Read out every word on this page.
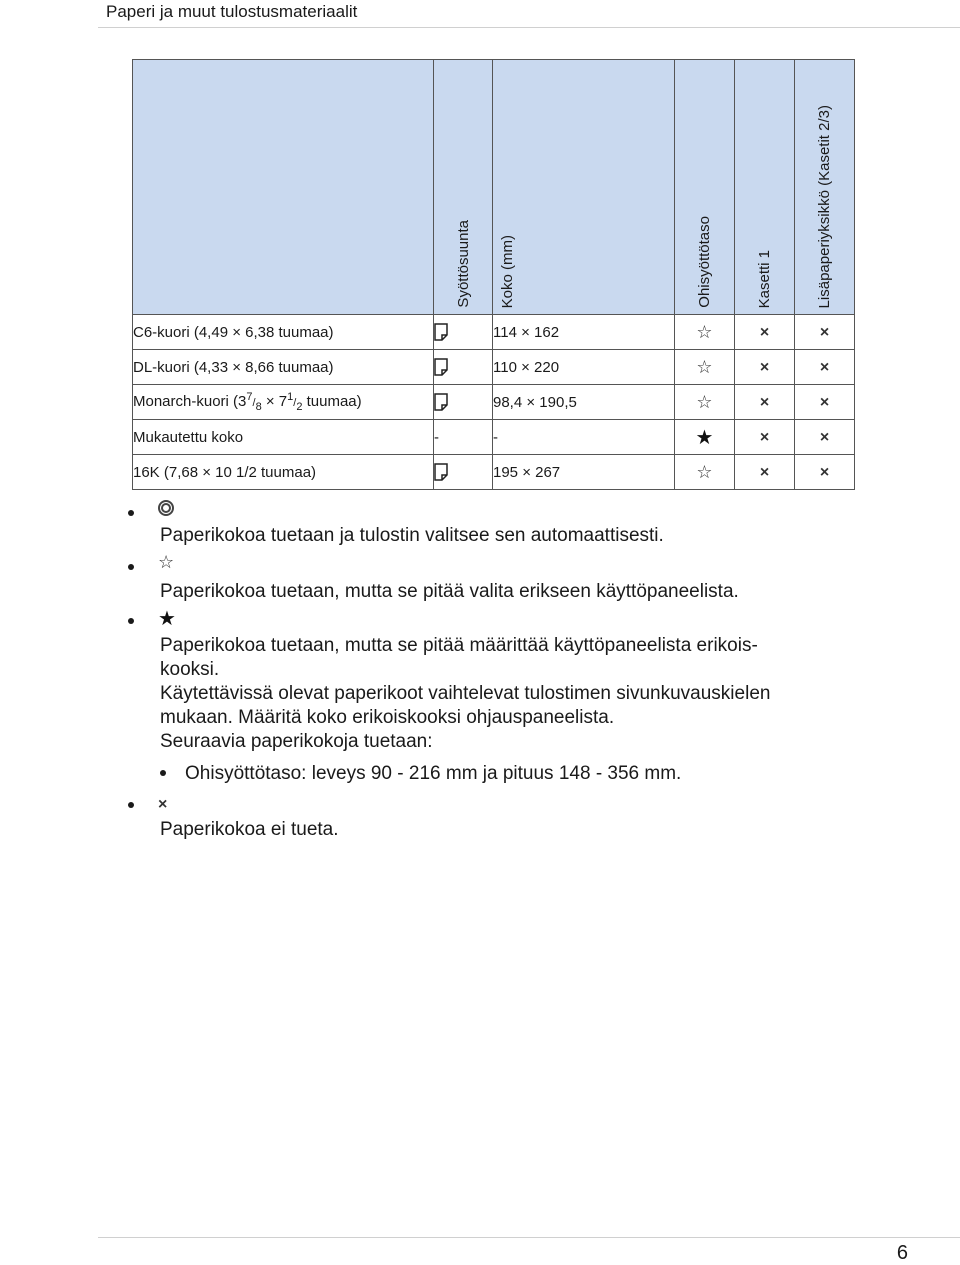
Paperi ja muut tulostusmateriaalit

	Syöttösuunta	Koko (mm)	Ohisyöttötaso	Kasetti 1	Lisäpaperiyksikkö (Kasetit 2/3)

C6-kuori (4,49 × 6,38 tuumaa)		114 × 162	☆	×	×
DL-kuori (4,33 × 8,66 tuumaa)		110 × 220	☆	×	×
Monarch-kuori ($3^7/_8 \times 7^1/_2$ tuumaa)		98,4 × 190,5	☆	×	×
Mukautettu koko	-	-	★	×	×
16K (7,68 × 10 1/2 tuumaa)		195 × 267	☆	×	×
Paperikokoa tuetaan ja tulostin valitsee sen automaattisesti.
☆
Paperikokoa tuetaan, mutta se pitää valita erikseen käyttöpaneelista.
★
Paperikokoa tuetaan, mutta se pitää määrittää käyttöpaneelista erikois-
kooksi.
Käytettävissä olevat paperikoot vaihtelevat tulostimen sivunkuvauskielen
mukaan. Määritä koko erikoiskooksi ohjauspaneelista.
Seuraavia paperikokoja tuetaan:
Ohisyöttötaso: leveys 90 - 216 mm ja pituus 148 - 356 mm.
×
Paperikokoa ei tueta.
6
